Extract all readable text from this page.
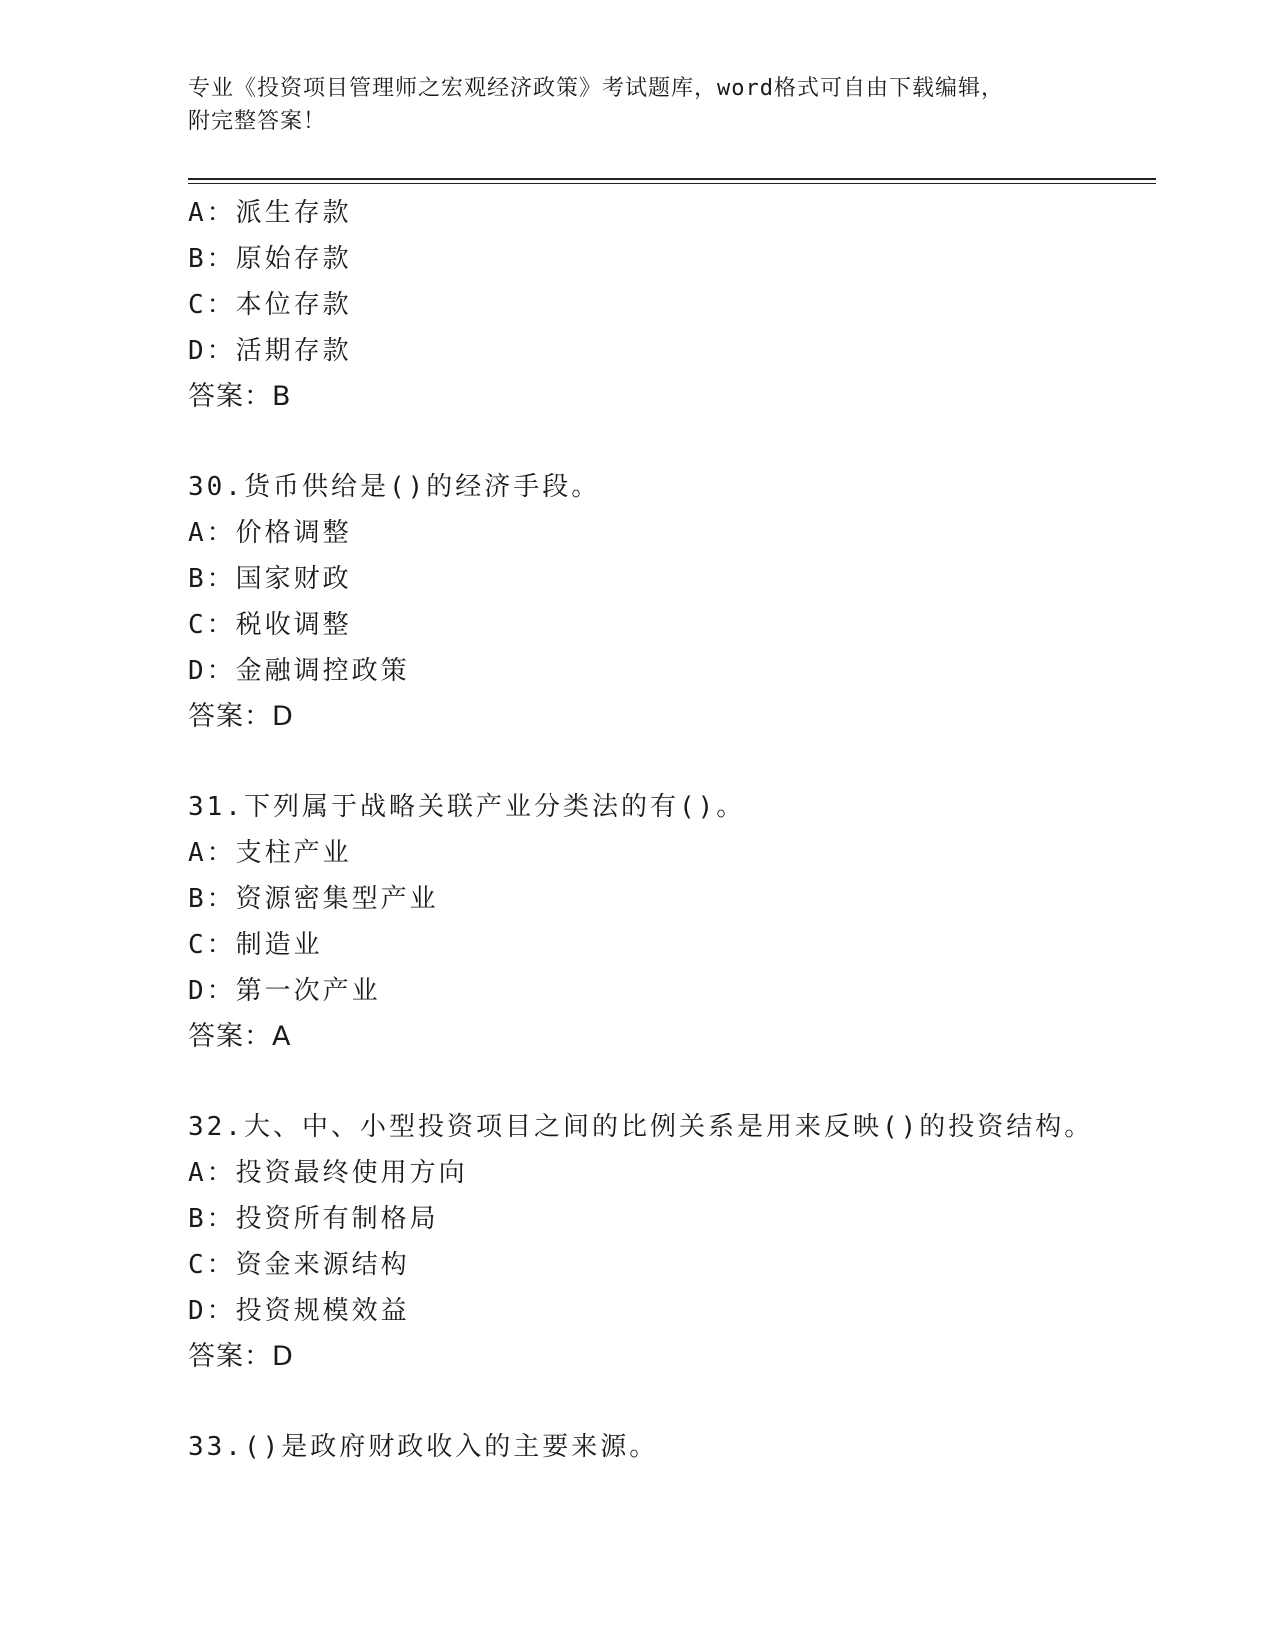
专业《投资项目管理师之宏观经济政策》考试题库，word格式可自由下载编辑，
附完整答案！
A：派生存款
B：原始存款
C：本位存款
D：活期存款
答案：B
30.货币供给是()的经济手段。
A：价格调整
B：国家财政
C：税收调整
D：金融调控政策
答案：D
31.下列属于战略关联产业分类法的有()。
A：支柱产业
B：资源密集型产业
C：制造业
D：第一次产业
答案：A
32.大、中、小型投资项目之间的比例关系是用来反映()的投资结构。
A：投资最终使用方向
B：投资所有制格局
C：资金来源结构
D：投资规模效益
答案：D
33.()是政府财政收入的主要来源。
